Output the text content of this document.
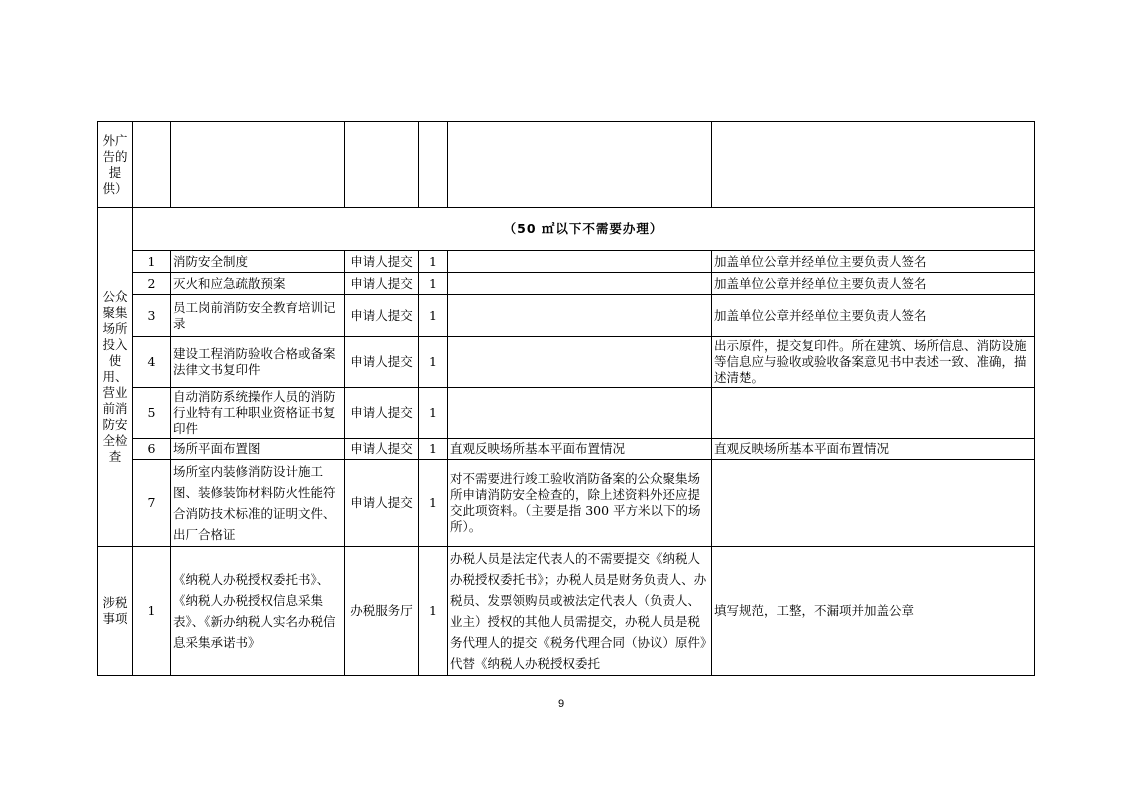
外广告的提供）						
公众聚集场所投入使用、营业前消防安全检查	（50 ㎡以下不需要办理）					
	1	消防安全制度	申请人提交	1		加盖单位公章并经单位主要负责人签名
	2	灭火和应急疏散预案	申请人提交	1		加盖单位公章并经单位主要负责人签名
	3	员工岗前消防安全教育培训记录	申请人提交	1		加盖单位公章并经单位主要负责人签名
	4	建设工程消防验收合格或备案法律文书复印件	申请人提交	1		出示原件，提交复印件。所在建筑、场所信息、消防设施等信息应与验收或验收备案意见书中表述一致、准确，描述清楚。
	5	自动消防系统操作人员的消防行业特有工种职业资格证书复印件	申请人提交	1		
	6	场所平面布置图	申请人提交	1	直观反映场所基本平面布置情况	直观反映场所基本平面布置情况
	7	场所室内装修消防设计施工图、装修装饰材料防火性能符合消防技术标准的证明文件、出厂合格证	申请人提交	1	对不需要进行竣工验收消防备案的公众聚集场所申请消防安全检查的，除上述资料外还应提交此项资料。（主要是指 300 平方米以下的场所）。	
涉税事项	1	《纳税人办税授权委托书》、《纳税人办税授权信息采集表》、《新办纳税人实名办税信息采集承诺书》	办税服务厅	1	办税人员是法定代表人的不需要提交《纳税人办税授权委托书》；办税人员是财务负责人、办税员、发票领购员或被法定代表人（负责人、业主）授权的其他人员需提交，办税人员是税务代理人的提交《税务代理合同（协议）原件》代替《纳税人办税授权委托	填写规范，工整，不漏项并加盖公章
9
